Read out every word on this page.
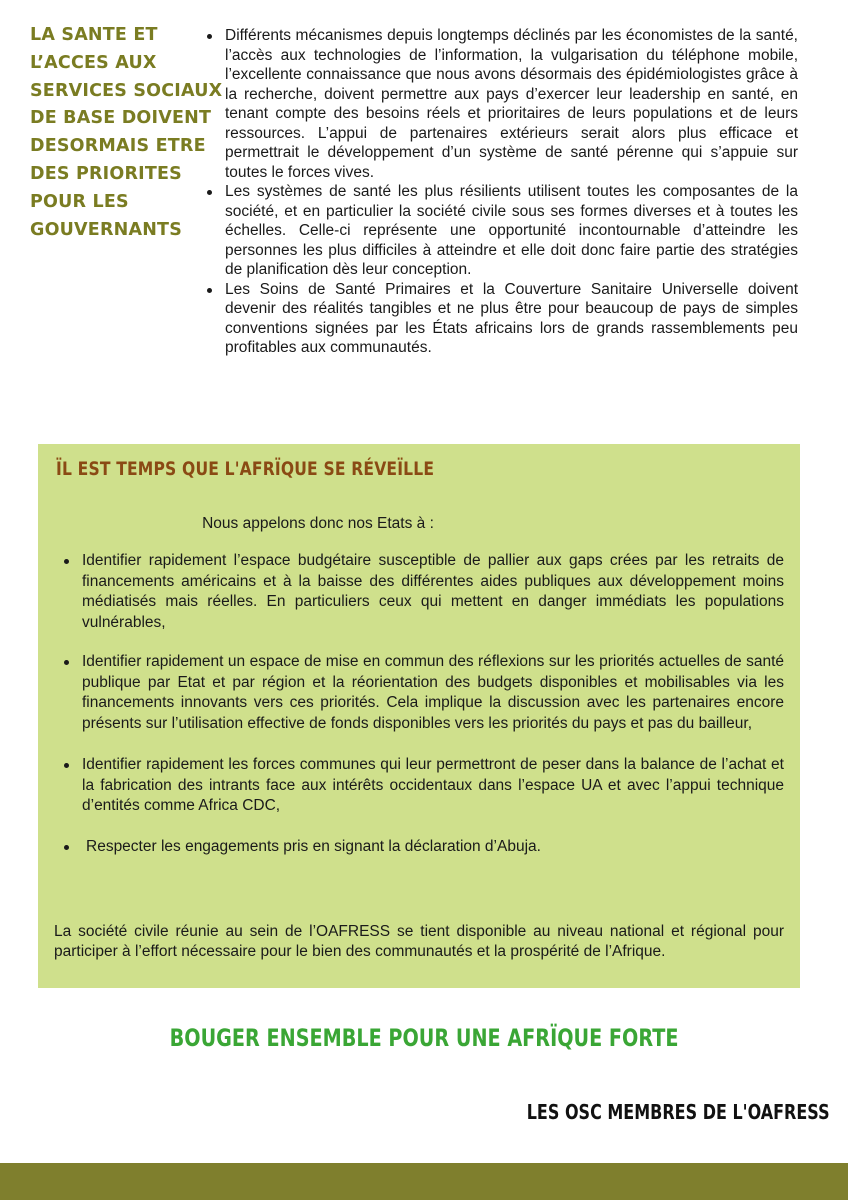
LA SANTE ET
L’ACCES AUX
SERVICES SOCIAUX
DE BASE DOIVENT
DESORMAIS ETRE
DES PRIORITES
POUR LES
GOUVERNANTS
Différents mécanismes depuis longtemps déclinés par les économistes de la santé, l’accès aux technologies de l’information, la vulgarisation du téléphone mobile, l’excellente connaissance que nous avons désormais des épidémiologistes grâce à la recherche, doivent permettre aux pays d’exercer leur leadership en santé, en tenant compte des besoins réels et prioritaires de leurs populations et de leurs ressources. L’appui de partenaires extérieurs serait alors plus efficace et permettrait le développement d’un système de santé pérenne qui s’appuie sur toutes le forces vives.
Les systèmes de santé les plus résilients utilisent toutes les composantes de la société, et en particulier la société civile sous ses formes diverses et à toutes les échelles. Celle-ci représente une opportunité incontournable d’atteindre les personnes les plus difficiles à atteindre et elle doit donc faire partie des stratégies de planification dès leur conception.
Les Soins de Santé Primaires et la Couverture Sanitaire Universelle doivent devenir des réalités tangibles et ne plus être pour beaucoup de pays de simples conventions signées par les États africains lors de grands rassemblements peu profitables aux communautés.
ÏL EST TEMPS QUE L'AFRÏQUE SE RÉVEÏLLE
Nous appelons donc nos Etats à :
Identifier rapidement l’espace budgétaire susceptible de pallier aux gaps crées par les retraits de financements américains et à la baisse des différentes aides publiques aux développement moins médiatisés mais réelles. En particuliers ceux qui mettent en danger immédiats les populations vulnérables,
Identifier rapidement un espace de mise en commun des réflexions sur les priorités actuelles de santé publique par Etat et par région et la réorientation des budgets disponibles et mobilisables via les financements innovants vers ces priorités. Cela implique la discussion avec les partenaires encore présents sur l’utilisation effective de fonds disponibles vers les priorités du pays et pas du bailleur,
Identifier rapidement les forces communes qui leur permettront de peser dans la balance de l’achat et la fabrication des intrants face aux intérêts occidentaux dans l’espace UA et avec l’appui technique d’entités comme Africa CDC,
Respecter les engagements pris en signant la déclaration d’Abuja.
La société civile réunie au sein de l’OAFRESS se tient disponible au niveau national et régional pour participer à l’effort nécessaire pour le bien des communautés et la prospérité de l’Afrique.
BOUGER ENSEMBLE POUR UNE AFRÏQUE FORTE
LES OSC MEMBRES DE L'OAFRESS
